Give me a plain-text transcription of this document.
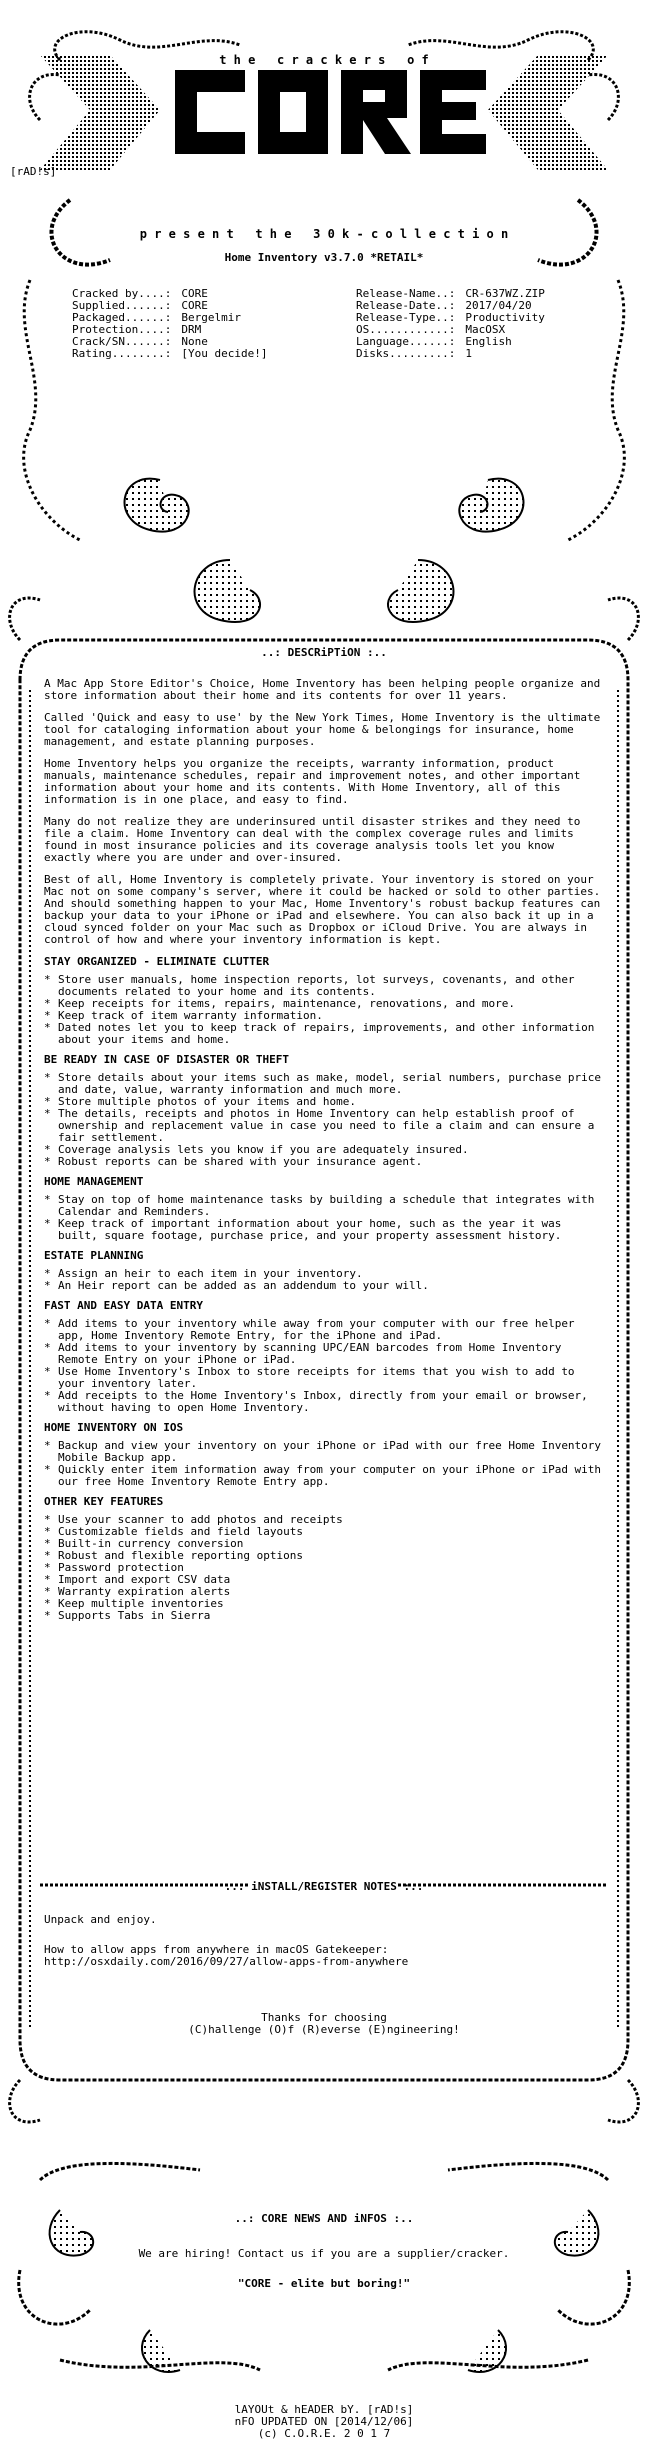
t h e   c r a c k e r s   o f
[rAD!s]
p r e s e n t   t h e   3 0 k - c o l l e c t i o n
Home Inventory v3.7.0 *RETAIL*
Cracked by....:	CORE
Supplied......:	CORE
Packaged......:	Bergelmir
Protection....:	DRM
Crack/SN......:	None
Rating........:	[You decide!]
Release-Name..:	CR-637WZ.ZIP
Release-Date..:	2017/04/20
Release-Type..:	Productivity
OS............:	MacOSX
Language......:	English
Disks.........:	1
..: DESCRiPTiON :..

A Mac App Store Editor's Choice, Home Inventory has been helping people organize and store information about their home and its contents for over 11 years.

Called 'Quick and easy to use' by the New York Times, Home Inventory is the ultimate tool for cataloging information about your home & belongings for insurance, home management, and estate planning purposes.

Home Inventory helps you organize the receipts, warranty information, product manuals, maintenance schedules, repair and improvement notes, and other important information about your home and its contents. With Home Inventory, all of this information is in one place, and easy to find.

Many do not realize they are underinsured until disaster strikes and they need to file a claim. Home Inventory can deal with the complex coverage rules and limits found in most insurance policies and its coverage analysis tools let you know exactly where you are under and over-insured.

Best of all, Home Inventory is completely private. Your inventory is stored on your Mac not on some company's server, where it could be hacked or sold to other parties. And should something happen to your Mac, Home Inventory's robust backup features can backup your data to your iPhone or iPad and elsewhere. You can also back it up in a cloud synced folder on your Mac such as Dropbox or iCloud Drive. You are always in control of how and where your inventory information is kept.

STAY ORGANIZED - ELIMINATE CLUTTER
* Store user manuals, home inspection reports, lot surveys, covenants, and other documents related to your home and its contents.
* Keep receipts for items, repairs, maintenance, renovations, and more.
* Keep track of item warranty information.
* Dated notes let you to keep track of repairs, improvements, and other information about your items and home.
BE READY IN CASE OF DISASTER OR THEFT
* Store details about your items such as make, model, serial numbers, purchase price and date, value, warranty information and much more.
* Store multiple photos of your items and home.
* The details, receipts and photos in Home Inventory can help establish proof of ownership and replacement value in case you need to file a claim and can ensure a fair settlement.
* Coverage analysis lets you know if you are adequately insured.
* Robust reports can be shared with your insurance agent.
HOME MANAGEMENT
* Stay on top of home maintenance tasks by building a schedule that integrates with Calendar and Reminders.
* Keep track of important information about your home, such as the year it was built, square footage, purchase price, and your property assessment history.
ESTATE PLANNING
* Assign an heir to each item in your inventory.
* An Heir report can be added as an addendum to your will.
FAST AND EASY DATA ENTRY
* Add items to your inventory while away from your computer with our free helper app, Home Inventory Remote Entry, for the iPhone and iPad.
* Add items to your inventory by scanning UPC/EAN barcodes from Home Inventory Remote Entry on your iPhone or iPad.
* Use Home Inventory's Inbox to store receipts for items that you wish to add to your inventory later.
* Add receipts to the Home Inventory's Inbox, directly from your email or browser, without having to open Home Inventory.
HOME INVENTORY ON IOS
* Backup and view your inventory on your iPhone or iPad with our free Home Inventory Mobile Backup app.
* Quickly enter item information away from your computer on your iPhone or iPad with our free Home Inventory Remote Entry app.
OTHER KEY FEATURES
* Use your scanner to add photos and receipts
* Customizable fields and field layouts
* Built-in currency conversion
* Robust and flexible reporting options
* Password protection
* Import and export CSV data
* Warranty expiration alerts
* Keep multiple inventories
* Supports Tabs in Sierra
..: iNSTALL/REGISTER NOTES :..
Unpack and enjoy.
How to allow apps from anywhere in macOS Gatekeeper:
http://osxdaily.com/2016/09/27/allow-apps-from-anywhere
Thanks for choosing
(C)hallenge (O)f (R)everse (E)ngineering!
..: CORE NEWS AND iNFOS :..
We are hiring! Contact us if you are a supplier/cracker.
"CORE - elite but boring!"
lAYOUt & hEADER bY. [rAD!s]
nFO UPDATED ON [2014/12/06]
(c) C.O.R.E. 2 0 1 7
